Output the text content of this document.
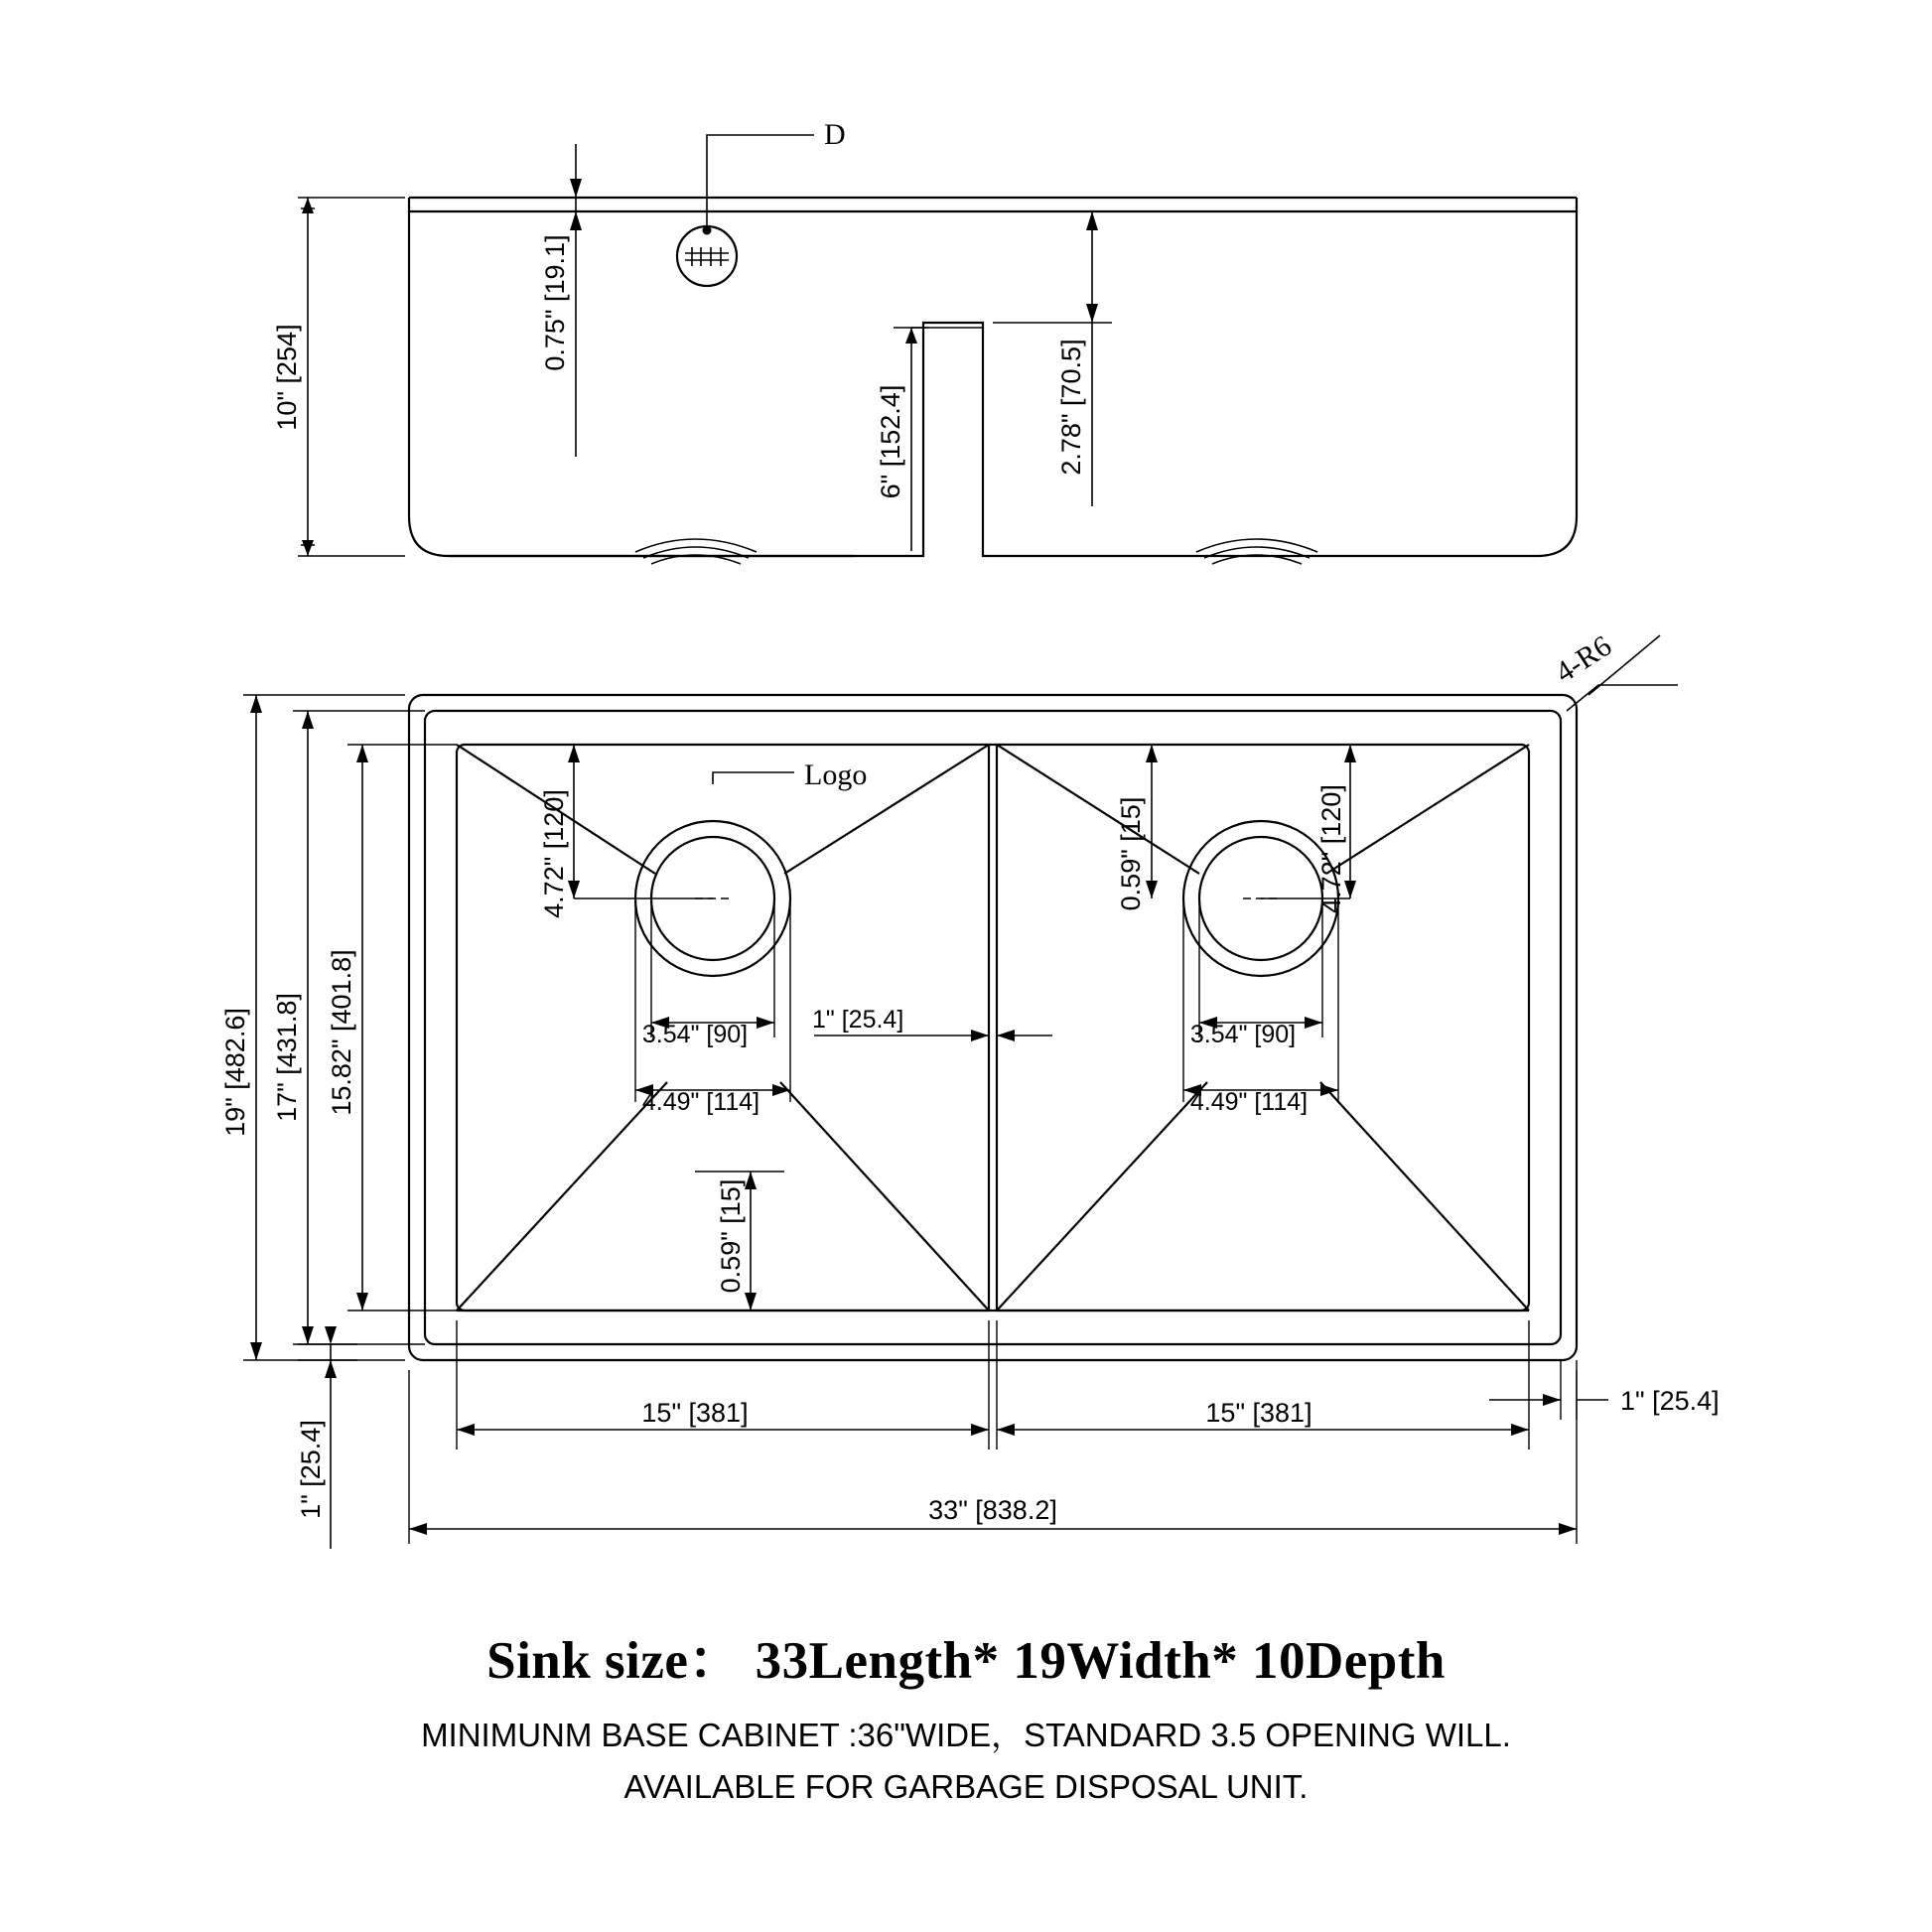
D
10" [254]
0.75" [19.1]
6" [152.4]	2.78" [70.5]
4-R6
Logo
19" [482.6] 17" [431.8] 15.82" [401.8]
1" [25.4]
4.72" [120]
3.54" [90]
4.49" [114]
1" [25.4]
0.59" [15]	4.72" [120]
3.54" [90]
4.49" [114]
0.59" [15]
15" [381]	15" [381]	1" [25.4]
33" [838.2]
Sink size： 33Length* 19Width* 10Depth
MINIMUNM BASE CABINET :36"WIDE，STANDARD 3.5 OPENING WILL.
AVAILABLE FOR GARBAGE DISPOSAL UNIT.
